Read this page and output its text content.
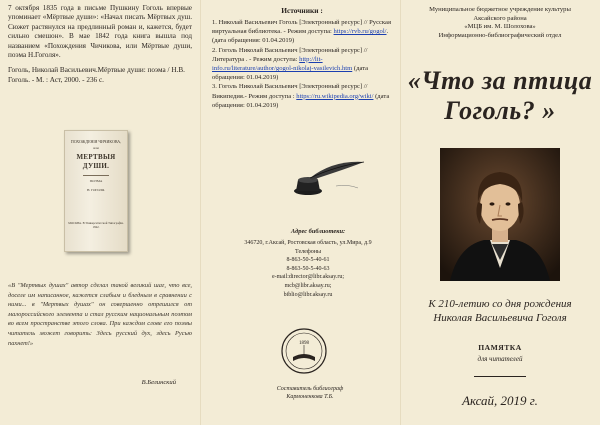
7 октября 1835 года в письме Пушкину Гоголь впервые упоминает «Мёртвые души»: «Начал писать Мёртвых душ. Сюжет растянулся на предлинный роман и, кажется, будет сильно смешон». В мае 1842 года книга вышла под названием «Похождения Чичикова, или Мёртвые души, поэма Н.Гоголя».

Гоголь, Николай Васильевич.Мёртвые души: поэма / Н.В. Гоголь. - М. : Аст, 2000. - 236 с.

ПОХОЖДЕНІЯ ЧИЧИКОВА,
или
МЕРТВЫЯ ДУШИ.
ПОЭМА
Н. ГОГОЛЯ.
МОСКВА. В Университетской Типографіи. 1842.

«В "Мертвых душах" автор сделал такой великий шаг, что все, доселе им написанное, кажется слабым и бледным в сравнении с ними... в "Мертвых душах" он совершенно отрешился от малороссийского элемента и стал русским национальным поэтом во всем пространстве этого слова. При каждом слове его поэмы читатель может говорить: Здесь русский дух, здесь Русью пахнет!»

В.Белинский

Источники :

1. Николай Васильевич Гоголь [Электронный ресурс] // Русская виртуальная библиотека. - Режим доступа: https://rvb.ru/gogol/. (дата обращения: 01.04.2019)

2. Гоголь Николай Васильевич [Электронный ресурс] //Литература . - Режим доступа: http://lit-info.ru/literature/author/gogol-nikolaj-vasilevich.htm (дата обращения: 01.04.2019)

3. Гоголь Николай Васильевич [Электронный ресурс] //Википедия.- Режим доступа : https://ru.wikipedia.org/wiki/ (дата обращения: 01.04.2019)

Адрес библиотеки:
346720, г.Аксай, Ростовская область, ул.Мира, д.9
Телефоны
8-863-50-5-40-61
8-863-50-5-40-63
e-mail:director@libr.aksay.ru;
mcb@libr.aksay.ru;
biblio@libr.aksay.ru
1898
Составитель библиограф
Кармоненкова Т.Б.

Муниципальное бюджетное учреждение культуры

Аксайского района

«МЦБ им. М. Шолохова»

Информационно-библиографический отдел

«Что за птица
Гоголь? »

К 210-летию со дня рождения
Николая Васильевича Гоголя

ПАМЯТКА
для читателей
Аксай, 2019 г.
